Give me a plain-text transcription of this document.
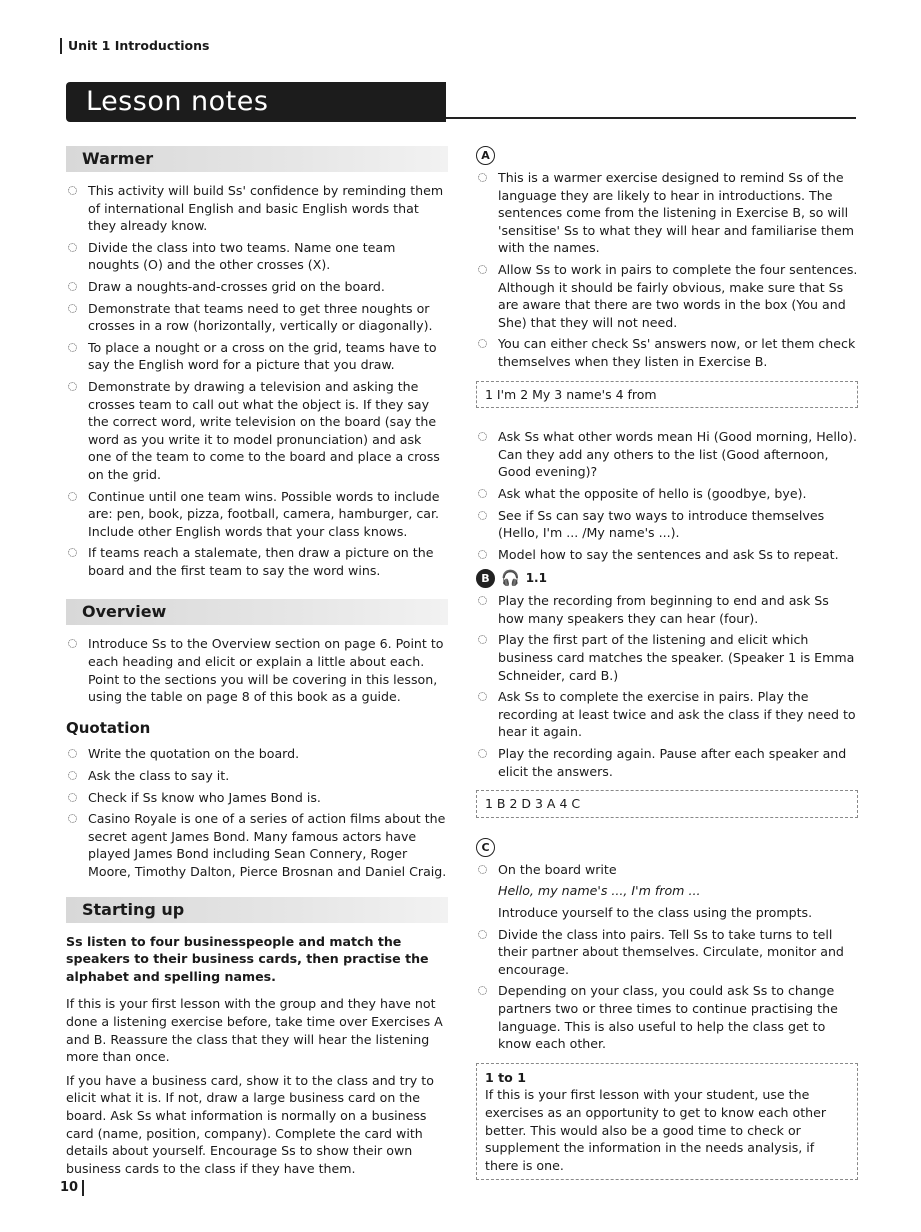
Unit 1 Introductions
Lesson notes
Warmer
This activity will build Ss' confidence by reminding them of international English and basic English words that they already know.
Divide the class into two teams. Name one team noughts (O) and the other crosses (X).
Draw a noughts-and-crosses grid on the board.
Demonstrate that teams need to get three noughts or crosses in a row (horizontally, vertically or diagonally).
To place a nought or a cross on the grid, teams have to say the English word for a picture that you draw.
Demonstrate by drawing a television and asking the crosses team to call out what the object is. If they say the correct word, write television on the board (say the word as you write it to model pronunciation) and ask one of the team to come to the board and place a cross on the grid.
Continue until one team wins. Possible words to include are: pen, book, pizza, football, camera, hamburger, car. Include other English words that your class knows.
If teams reach a stalemate, then draw a picture on the board and the first team to say the word wins.
Overview
Introduce Ss to the Overview section on page 6. Point to each heading and elicit or explain a little about each. Point to the sections you will be covering in this lesson, using the table on page 8 of this book as a guide.
Quotation
Write the quotation on the board.
Ask the class to say it.
Check if Ss know who James Bond is.
Casino Royale is one of a series of action films about the secret agent James Bond. Many famous actors have played James Bond including Sean Connery, Roger Moore, Timothy Dalton, Pierce Brosnan and Daniel Craig.
Starting up
Ss listen to four businesspeople and match the speakers to their business cards, then practise the alphabet and spelling names.

If this is your first lesson with the group and they have not done a listening exercise before, take time over Exercises A and B. Reassure the class that they will hear the listening more than once.

If you have a business card, show it to the class and try to elicit what it is. If not, draw a large business card on the board. Ask Ss what information is normally on a business card (name, position, company). Complete the card with details about yourself. Encourage Ss to show their own business cards to the class if they have them.

A
This is a warmer exercise designed to remind Ss of the language they are likely to hear in introductions. The sentences come from the listening in Exercise B, so will 'sensitise' Ss to what they will hear and familiarise them with the names.
Allow Ss to work in pairs to complete the four sentences. Although it should be fairly obvious, make sure that Ss are aware that there are two words in the box (You and She) that they will not need.
You can either check Ss' answers now, or let them check themselves when they listen in Exercise B.
1 I'm 2 My 3 name's 4 from
Ask Ss what other words mean Hi (Good morning, Hello). Can they add any others to the list (Good afternoon, Good evening)?
Ask what the opposite of hello is (goodbye, bye).
See if Ss can say two ways to introduce themselves (Hello, I'm ... /My name's ...).
Model how to say the sentences and ask Ss to repeat.
B 🎧 1.1
Play the recording from beginning to end and ask Ss how many speakers they can hear (four).
Play the first part of the listening and elicit which business card matches the speaker. (Speaker 1 is Emma Schneider, card B.)
Ask Ss to complete the exercise in pairs. Play the recording at least twice and ask the class if they need to hear it again.
Play the recording again. Pause after each speaker and elicit the answers.
1 B 2 D 3 A 4 C
C
On the board write
Hello, my name's ..., I'm from ...
Introduce yourself to the class using the prompts.
Divide the class into pairs. Tell Ss to take turns to tell their partner about themselves. Circulate, monitor and encourage.
Depending on your class, you could ask Ss to change partners two or three times to continue practising the language. This is also useful to help the class get to know each other.
1 to 1
If this is your first lesson with your student, use the exercises as an opportunity to get to know each other better. This would also be a good time to check or supplement the information in the needs analysis, if there is one.
10
